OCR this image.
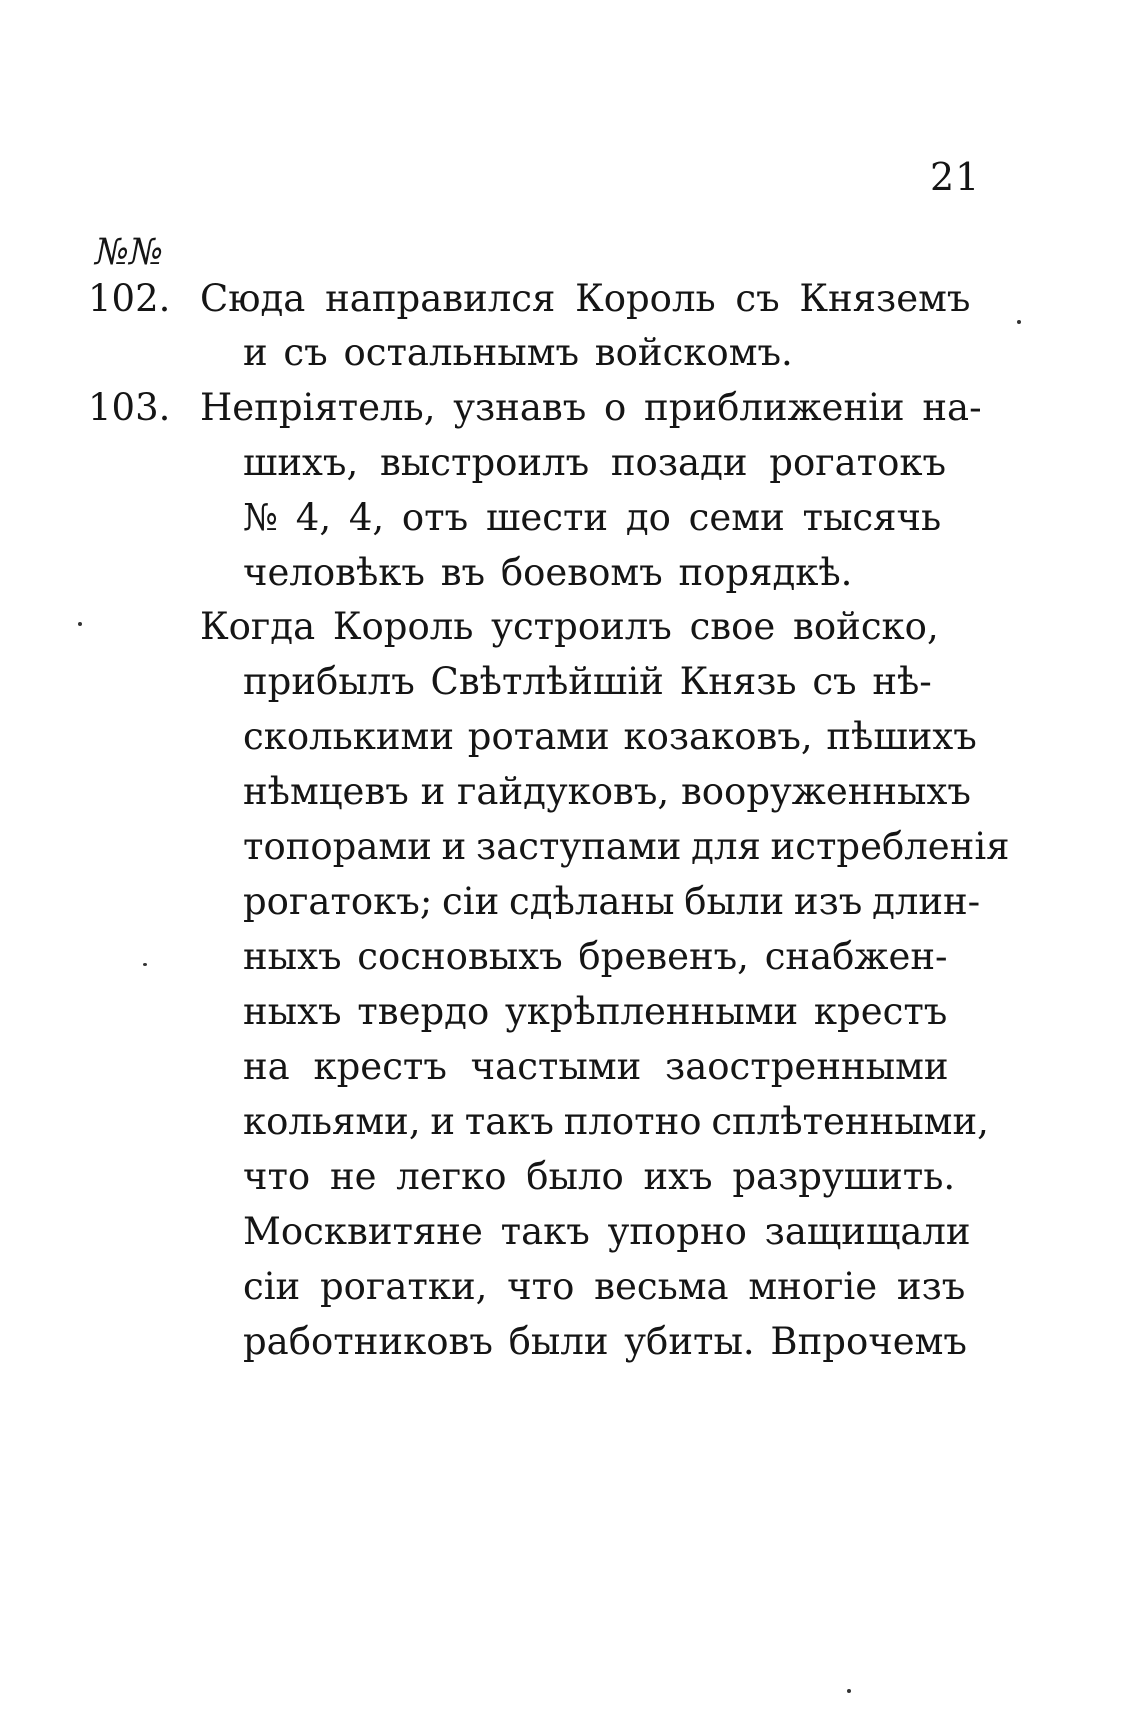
21
№№
102. Сюда направился Король съ Княземъ
и съ остальнымъ войскомъ.
103. Непріятель, узнавъ о приближеніи на-
шихъ, выстроилъ позади рогатокъ
№ 4, 4, отъ шести до семи тысячь
человѣкъ въ боевомъ порядкѣ.
Когда Король устроилъ свое войско,
прибылъ Свѣтлѣйшій Князь съ нѣ-
сколькими ротами козаковъ, пѣшихъ
нѣмцевъ и гайдуковъ, вооруженныхъ
топорами и заступами для истребленія
рогатокъ; сіи сдѣланы были изъ длин-
ныхъ сосновыхъ бревенъ, снабжен-
ныхъ твердо укрѣпленными крестъ
на крестъ частыми заостренными
кольями, и такъ плотно сплѣтенными,
что не легко было ихъ разрушить.
Москвитяне такъ упорно защищали
сіи рогатки, что весьма многіе изъ
работниковъ были убиты. Впрочемъ
